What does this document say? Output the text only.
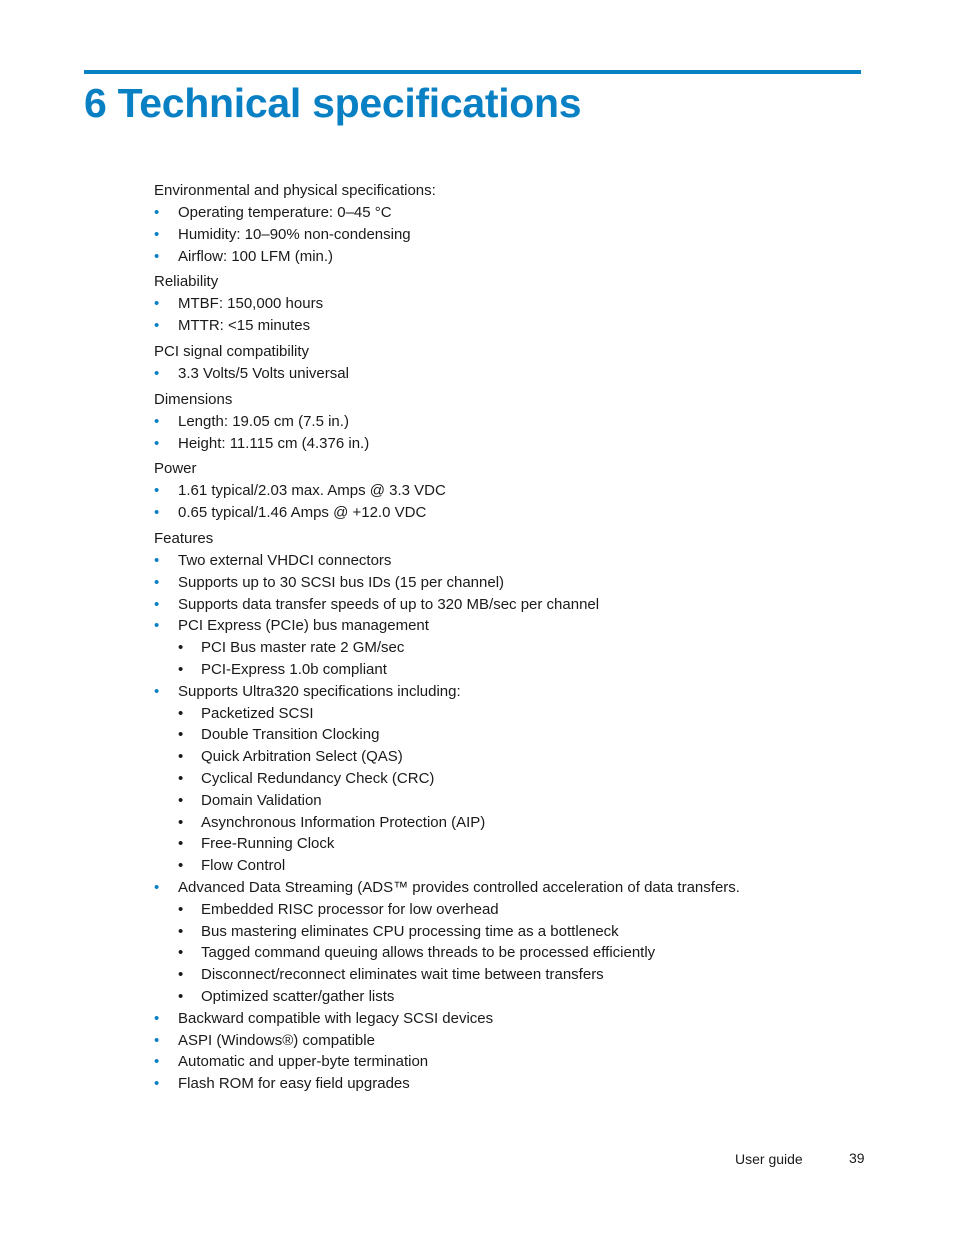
6 Technical specifications
Environmental and physical specifications:
• Operating temperature: 0–45 °C
• Humidity: 10–90% non-condensing
• Airflow: 100 LFM (min.)
Reliability
• MTBF: 150,000 hours
• MTTR: <15 minutes
PCI signal compatibility
• 3.3 Volts/5 Volts universal
Dimensions
• Length: 19.05 cm (7.5 in.)
• Height: 11.115 cm (4.376 in.)
Power
• 1.61 typical/2.03 max. Amps @ 3.3 VDC
• 0.65 typical/1.46 Amps @ +12.0 VDC
Features
• Two external VHDCI connectors
• Supports up to 30 SCSI bus IDs (15 per channel)
• Supports data transfer speeds of up to 320 MB/sec per channel
• PCI Express (PCIe) bus management
• PCI Bus master rate 2 GM/sec
• PCI-Express 1.0b compliant
• Supports Ultra320 specifications including:
• Packetized SCSI
• Double Transition Clocking
• Quick Arbitration Select (QAS)
• Cyclical Redundancy Check (CRC)
• Domain Validation
• Asynchronous Information Protection (AIP)
• Free-Running Clock
• Flow Control
• Advanced Data Streaming (ADS™ provides controlled acceleration of data transfers.
• Embedded RISC processor for low overhead
• Bus mastering eliminates CPU processing time as a bottleneck
• Tagged command queuing allows threads to be processed efficiently
• Disconnect/reconnect eliminates wait time between transfers
• Optimized scatter/gather lists
• Backward compatible with legacy SCSI devices
• ASPI (Windows®) compatible
• Automatic and upper-byte termination
• Flash ROM for easy field upgrades
User guide	39
